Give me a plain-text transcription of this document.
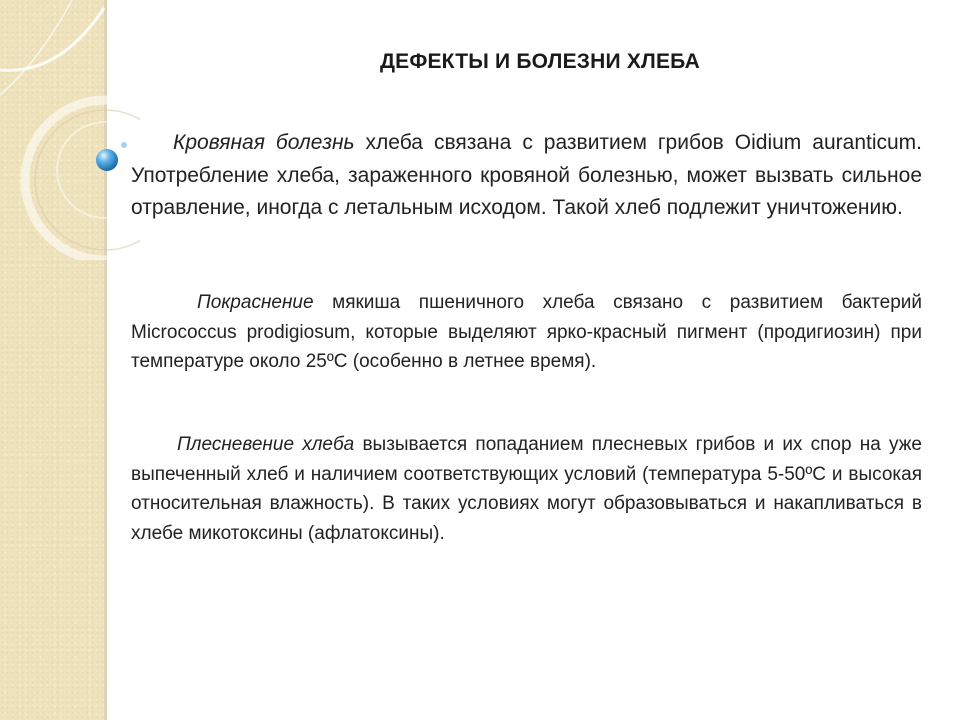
ДЕФЕКТЫ И БОЛЕЗНИ ХЛЕБА

Кровяная болезнь хлеба связана с развитием грибов Oidium auranticum. Употребление хлеба, зараженного кровяной болезнью, может вызвать сильное отравление, иногда с летальным исходом. Такой хлеб подлежит уничтожению.

Покраснение мякиша пшеничного хлеба связано с развитием бактерий Micrococcus prodigiosum, которые выделяют ярко-красный пигмент (продигиозин) при температуре около 25ºС (особенно в летнее время).

Плесневение хлеба вызывается попаданием плесневых грибов и их спор на уже выпеченный хлеб и наличием соответствующих условий (температура 5-50ºС и высокая относительная влажность). В таких условиях могут образовываться и накапливаться в хлебе микотоксины (афлатоксины).
